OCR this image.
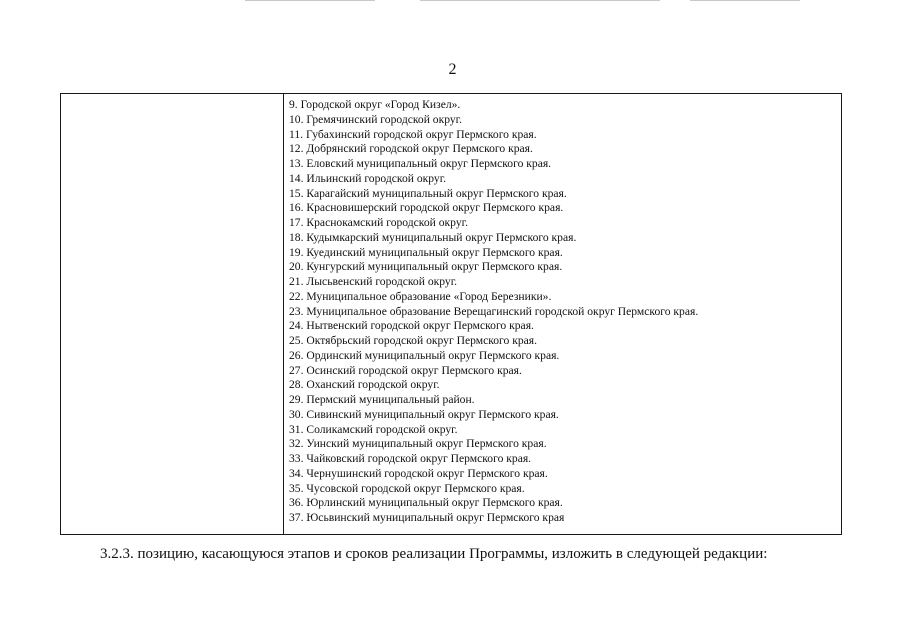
2
9. Городской округ «Город Кизел».
10. Гремячинский городской округ.
11. Губахинский городской округ Пермского края.
12. Добрянский городской округ Пермского края.
13. Еловский муниципальный округ Пермского края.
14. Ильинский городской округ.
15. Карагайский муниципальный округ Пермского края.
16. Красновишерский городской округ Пермского края.
17. Краснокамский городской округ.
18. Кудымкарский муниципальный округ Пермского края.
19. Куединский муниципальный округ Пермского края.
20. Кунгурский муниципальный округ Пермского края.
21. Лысьвенский городской округ.
22. Муниципальное образование «Город Березники».
23. Муниципальное образование Верещагинский городской округ Пермского края.
24. Нытвенский городской округ Пермского края.
25. Октябрьский городской округ Пермского края.
26. Ординский муниципальный округ Пермского края.
27. Осинский городской округ Пермского края.
28. Оханский городской округ.
29. Пермский муниципальный район.
30. Сивинский муниципальный округ Пермского края.
31. Соликамский городской округ.
32. Уинский муниципальный округ Пермского края.
33. Чайковский городской округ Пермского края.
34. Чернушинский городской округ Пермского края.
35. Чусовской городской округ Пермского края.
36. Юрлинский муниципальный округ Пермского края.
37. Юсьвинский муниципальный округ Пермского края
3.2.3. позицию, касающуюся этапов и сроков реализации Программы, изложить в следующей редакции:
